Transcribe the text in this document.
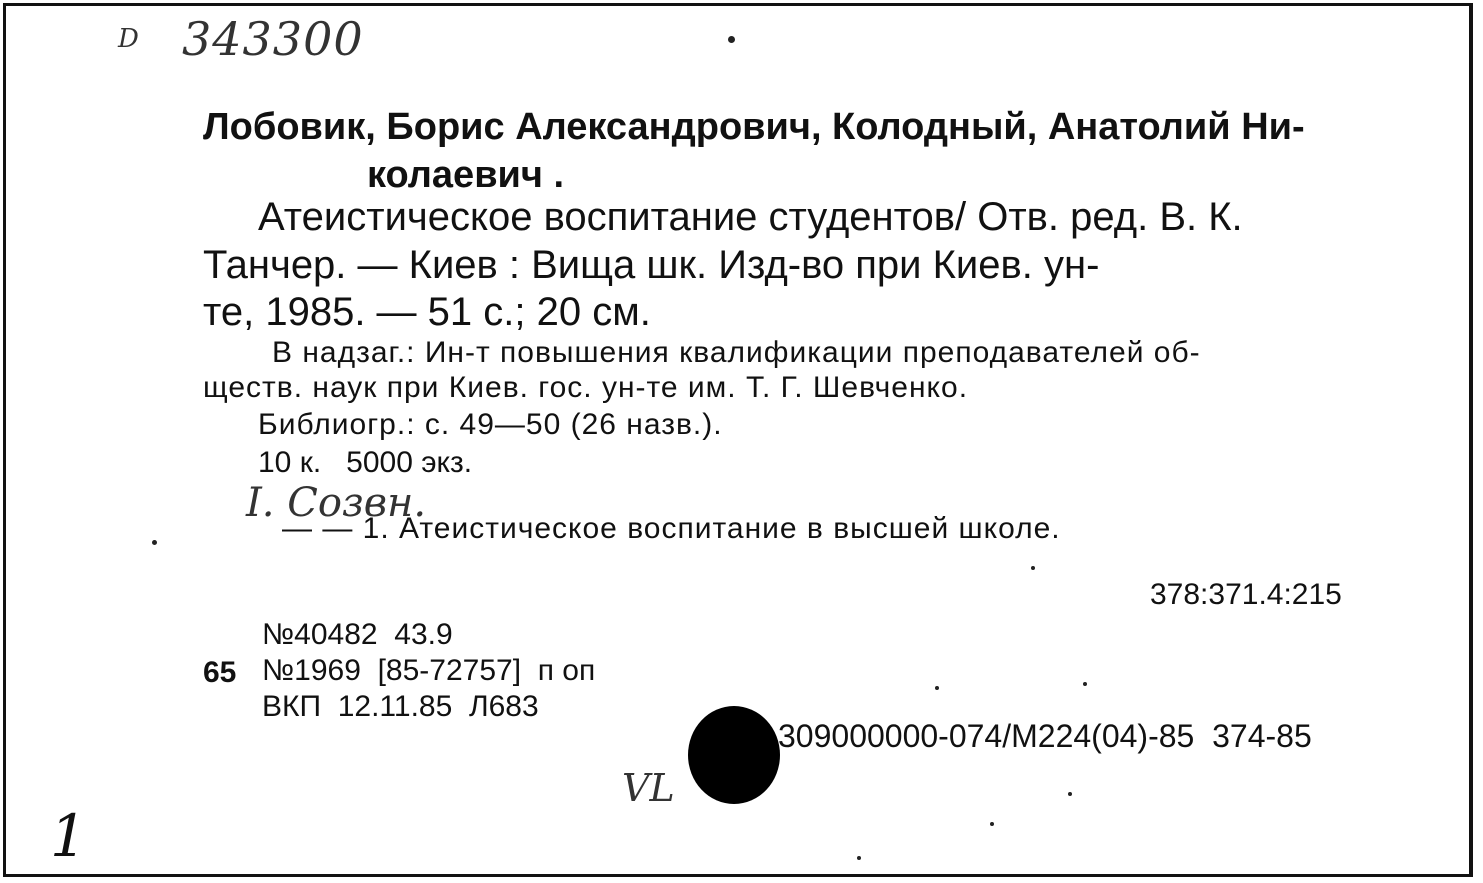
D 343300
Лобовик, Борис Александрович, Колодный, Анатолий Ни-
колаевич .
Атеистическое воспитание студентов/ Отв. ред. В. К.
Танчер. — Киев : Вища шк. Изд-во при Киев. ун-
те, 1985. — 51 с.; 20 см.
В надзаг.: Ин-т повышения квалификации преподавателей об-
ществ. наук при Киев. гос. ун-те им. Т. Г. Шевченко.
Библиогр.: с. 49—50 (26 назв.).
10 к.   5000 экз.
I. Созвн.
— — 1. Атеистическое воспитание в высшей школе.
378:371.4:215
№40482  43.9
65 №1969  [85-72757]  п оп
ВКП  12.11.85  Л683
309000000-074/М224(04)-85  374-85
VL
1
